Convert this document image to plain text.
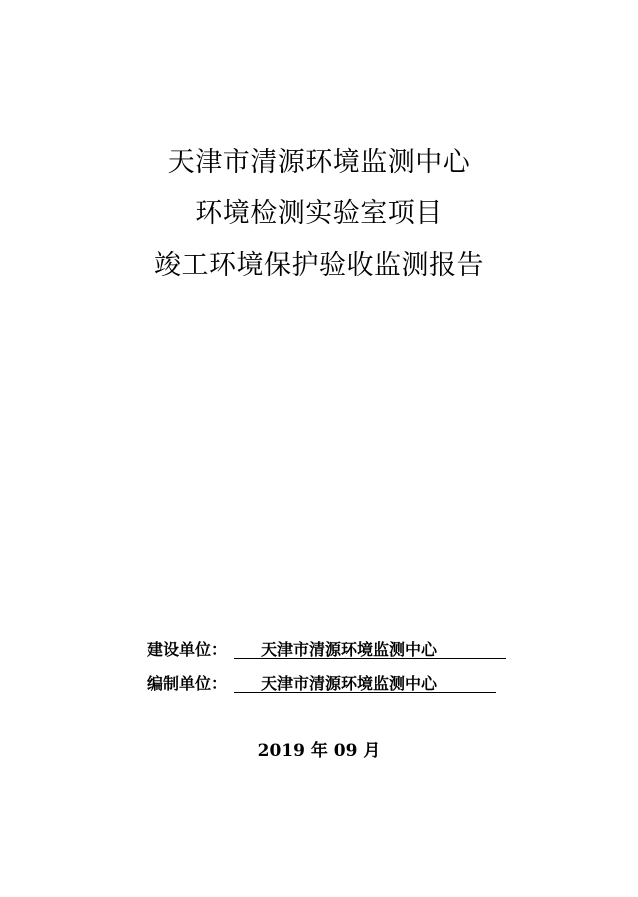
天津市清源环境监测中心
环境检测实验室项目
竣工环境保护验收监测报告
建设单位：	天津市清源环境监测中心
编制单位：	天津市清源环境监测中心
2019 年 09 月
